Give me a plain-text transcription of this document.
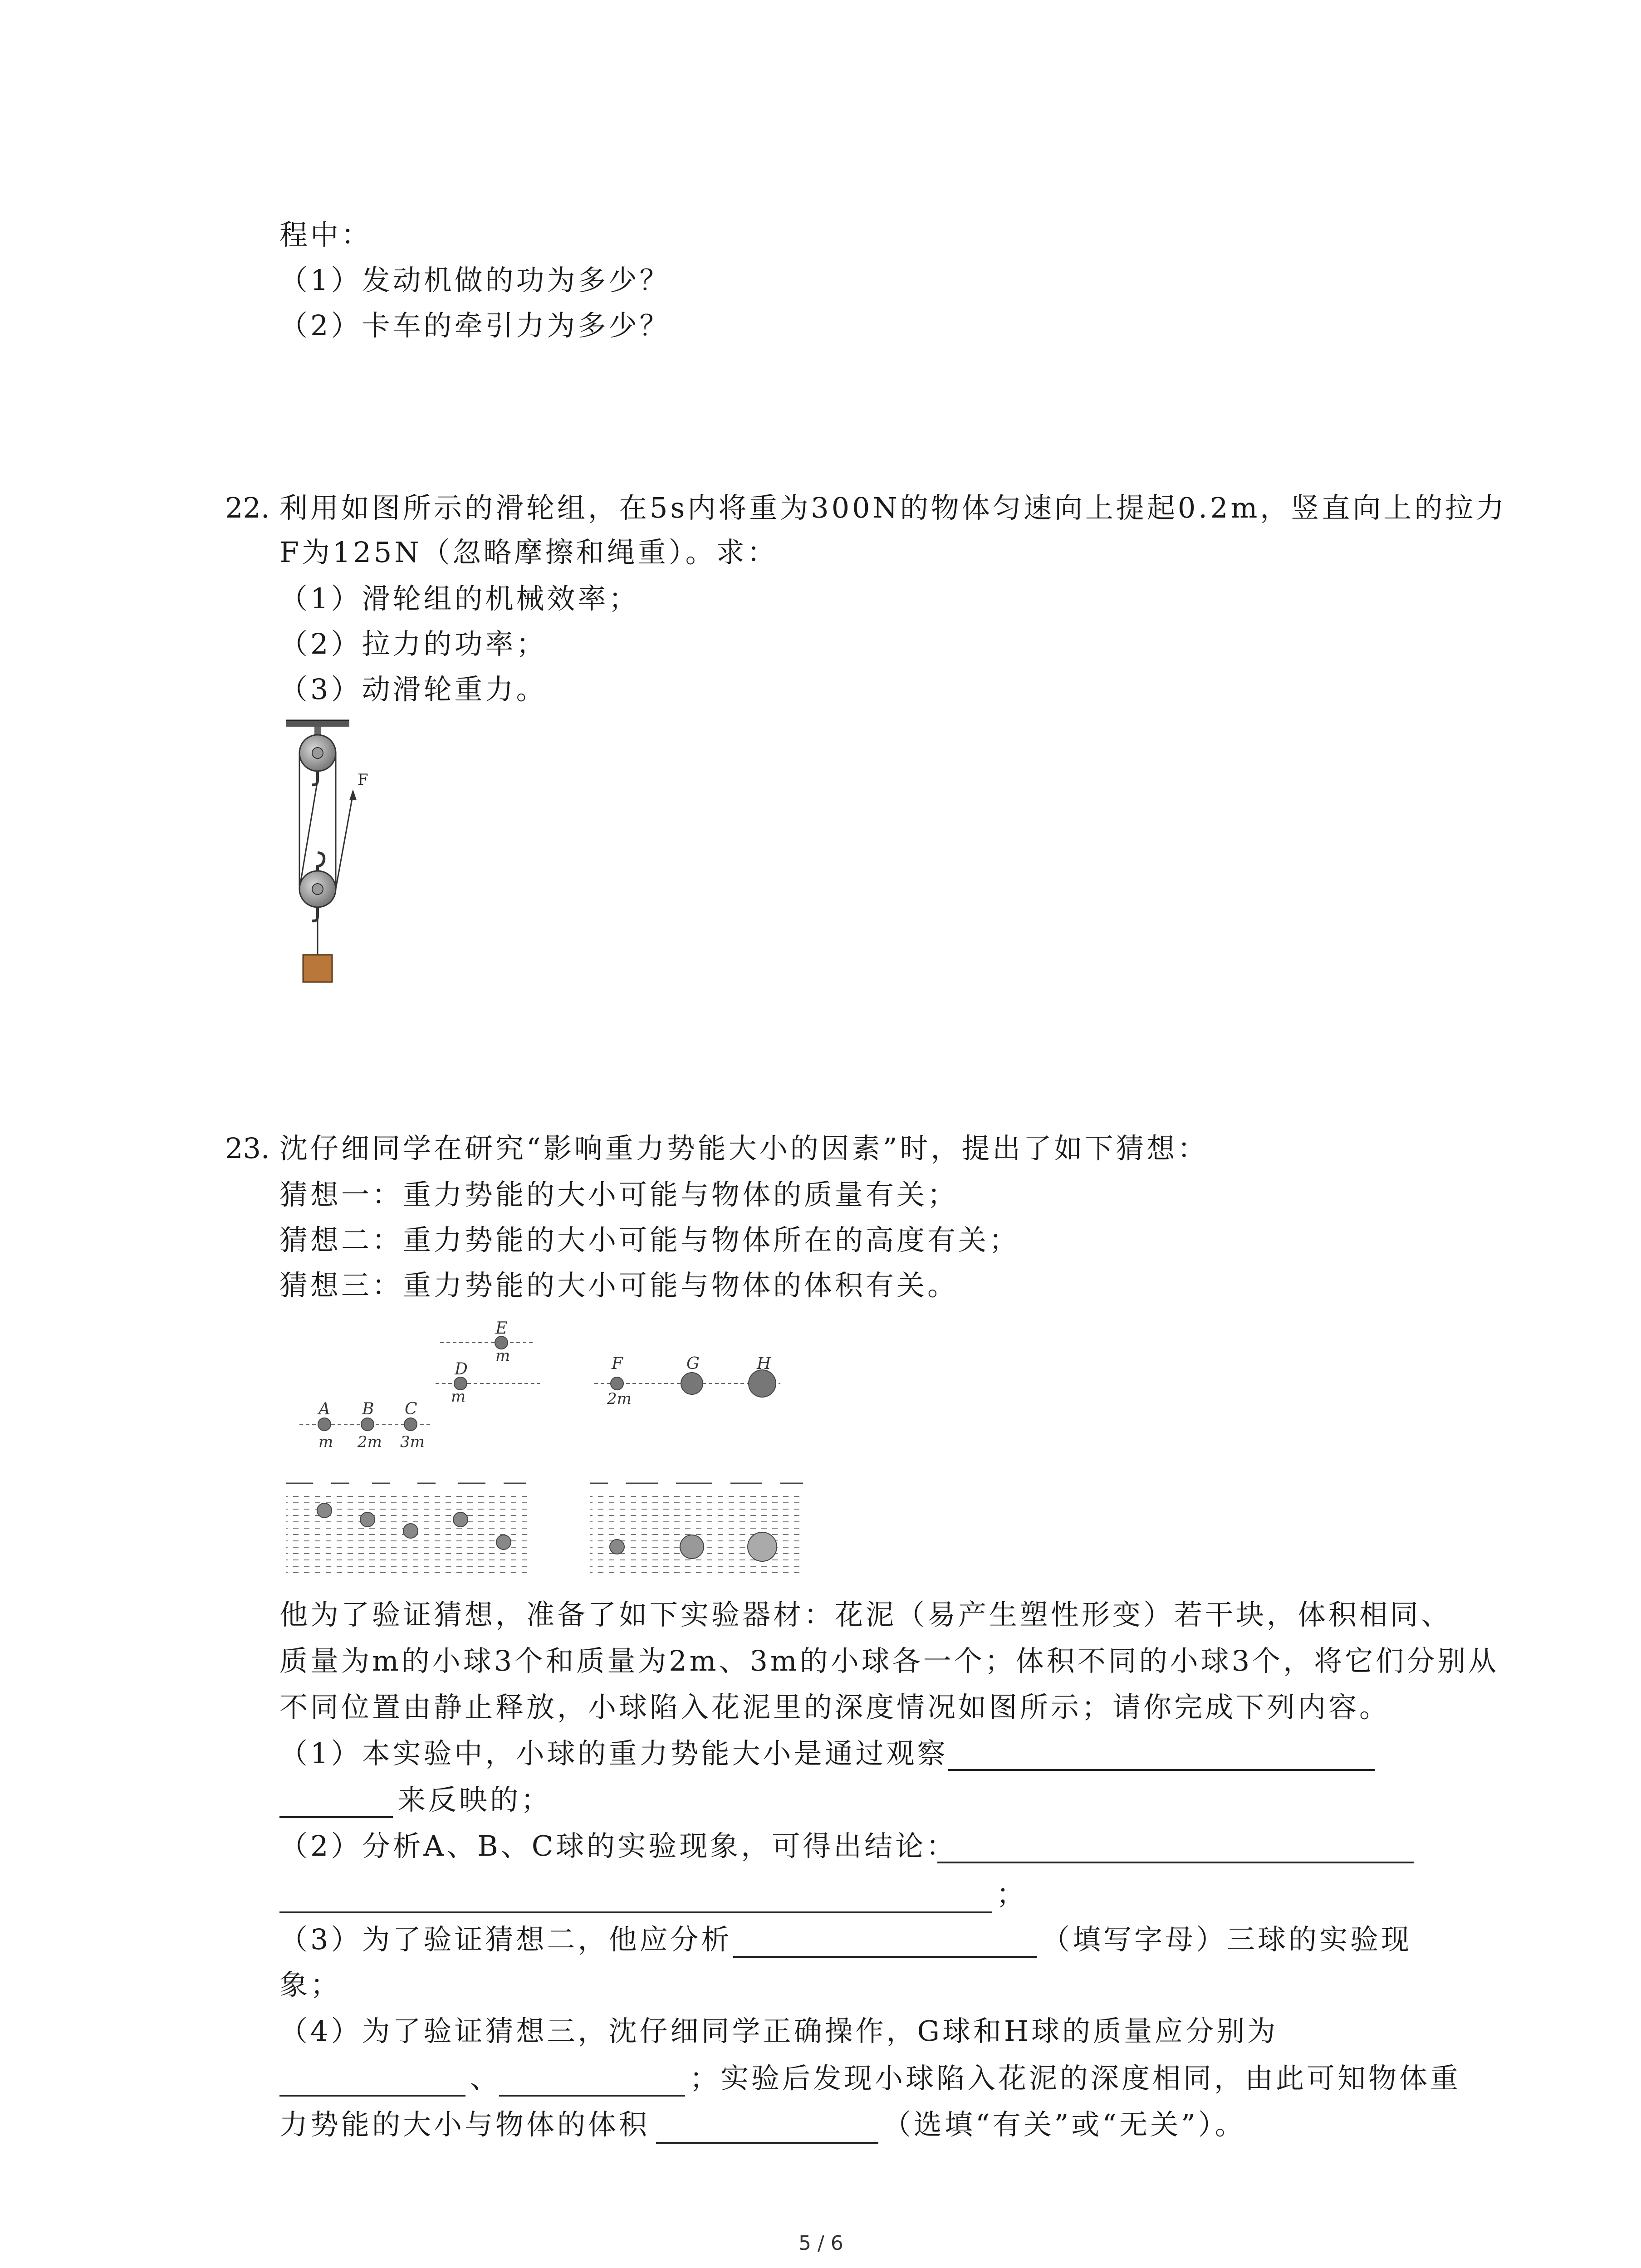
程中：
（1）发动机做的功为多少？
（2）卡车的牵引力为多少？
22. 利用如图所示的滑轮组，在5s内将重为300N的物体匀速向上提起0.2m，竖直向上的拉力
F为125N（忽略摩擦和绳重）。求：
（1）滑轮组的机械效率；
（2）拉力的功率；
（3）动滑轮重力。
F
23. 沈仔细同学在研究“影响重力势能大小的因素”时，提出了如下猜想：
猜想一：重力势能的大小可能与物体的质量有关；
猜想二：重力势能的大小可能与物体所在的高度有关；
猜想三：重力势能的大小可能与物体的体积有关。
E
m
D
m
A B C
m 2m 3m
F	G	H
2m
他为了验证猜想，准备了如下实验器材：花泥（易产生塑性形变）若干块，体积相同、
质量为m的小球3个和质量为2m、3m的小球各一个；体积不同的小球3个，将它们分别从
不同位置由静止释放，小球陷入花泥里的深度情况如图所示；请你完成下列内容。
（1）本实验中，小球的重力势能大小是通过观察
来反映的；
（2）分析A、B、C球的实验现象，可得出结论：
；
（3）为了验证猜想二，他应分析	（填写字母）三球的实验现
象；
（4）为了验证猜想三，沈仔细同学正确操作，G球和H球的质量应分别为
、	；实验后发现小球陷入花泥的深度相同，由此可知物体重
力势能的大小与物体的体积	（选填“有关”或“无关”）。
5 / 6
